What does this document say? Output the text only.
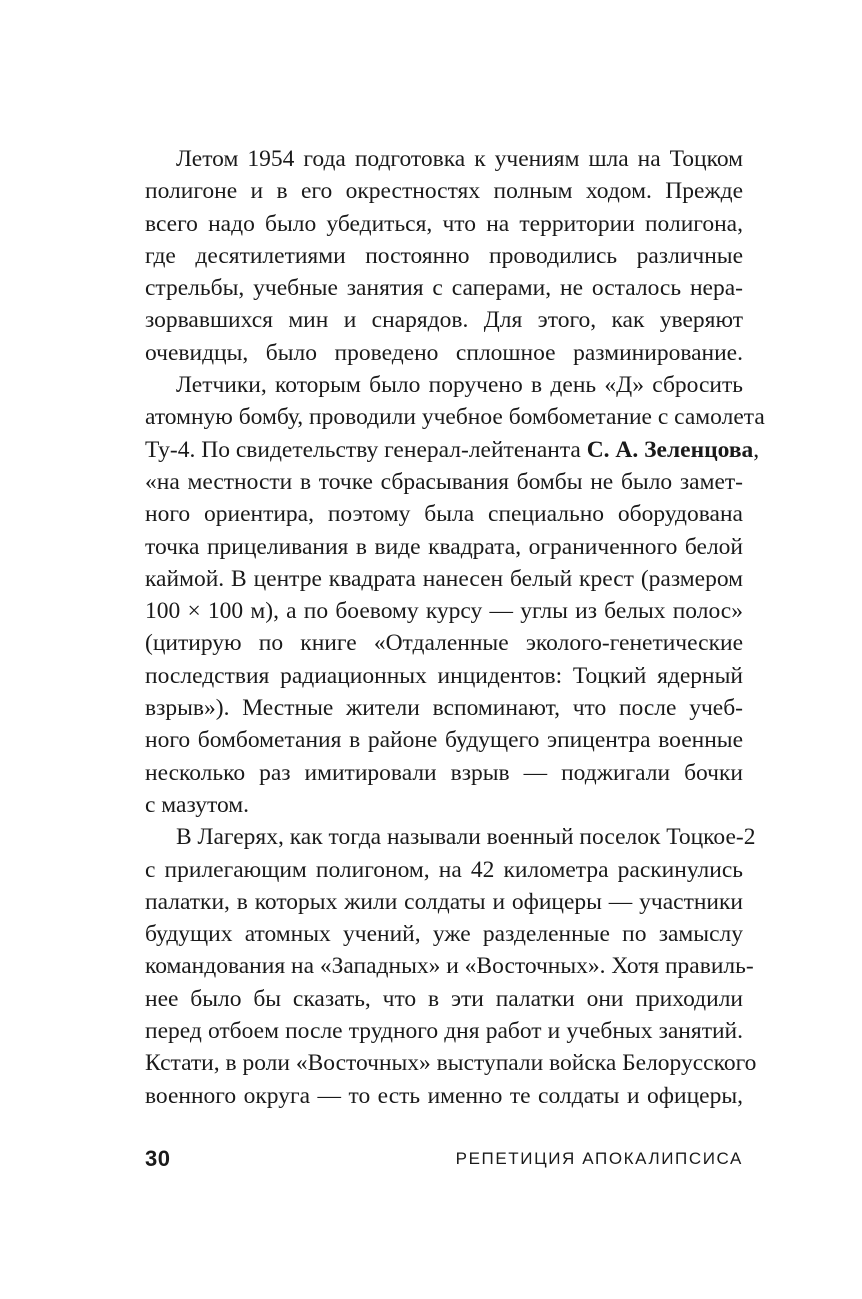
Летом 1954 года подготовка к учениям шла на Тоцком
полигоне и в его окрестностях полным ходом. Прежде
всего надо было убедиться, что на территории полигона,
где десятилетиями постоянно проводились различные
стрельбы, учебные занятия с саперами, не осталось нера-
зорвавшихся мин и снарядов. Для этого, как уверяют
очевидцы, было проведено сплошное разминирование.
Летчики, которым было поручено в день «Д» сбросить
атомную бомбу, проводили учебное бомбометание с самолета
Ту-4. По свидетельству генерал-лейтенанта С. А. Зеленцова,
«на местности в точке сбрасывания бомбы не было замет-
ного ориентира, поэтому была специально оборудована
точка прицеливания в виде квадрата, ограниченного белой
каймой. В центре квадрата нанесен белый крест (размером
100 × 100 м), а по боевому курсу — углы из белых полос»
(цитирую по книге «Отдаленные эколого-генетические
последствия радиационных инцидентов: Тоцкий ядерный
взрыв»). Местные жители вспоминают, что после учеб-
ного бомбометания в районе будущего эпицентра военные
несколько раз имитировали взрыв — поджигали бочки
с мазутом.
В Лагерях, как тогда называли военный поселок Тоцкое-2
с прилегающим полигоном, на 42 километра раскинулись
палатки, в которых жили солдаты и офицеры — участники
будущих атомных учений, уже разделенные по замыслу
командования на «Западных» и «Восточных». Хотя правиль-
нее было бы сказать, что в эти палатки они приходили
перед отбоем после трудного дня работ и учебных занятий.
Кстати, в роли «Восточных» выступали войска Белорусского
военного округа — то есть именно те солдаты и офицеры,
30	РЕПЕТИЦИЯ АПОКАЛИПСИСА
